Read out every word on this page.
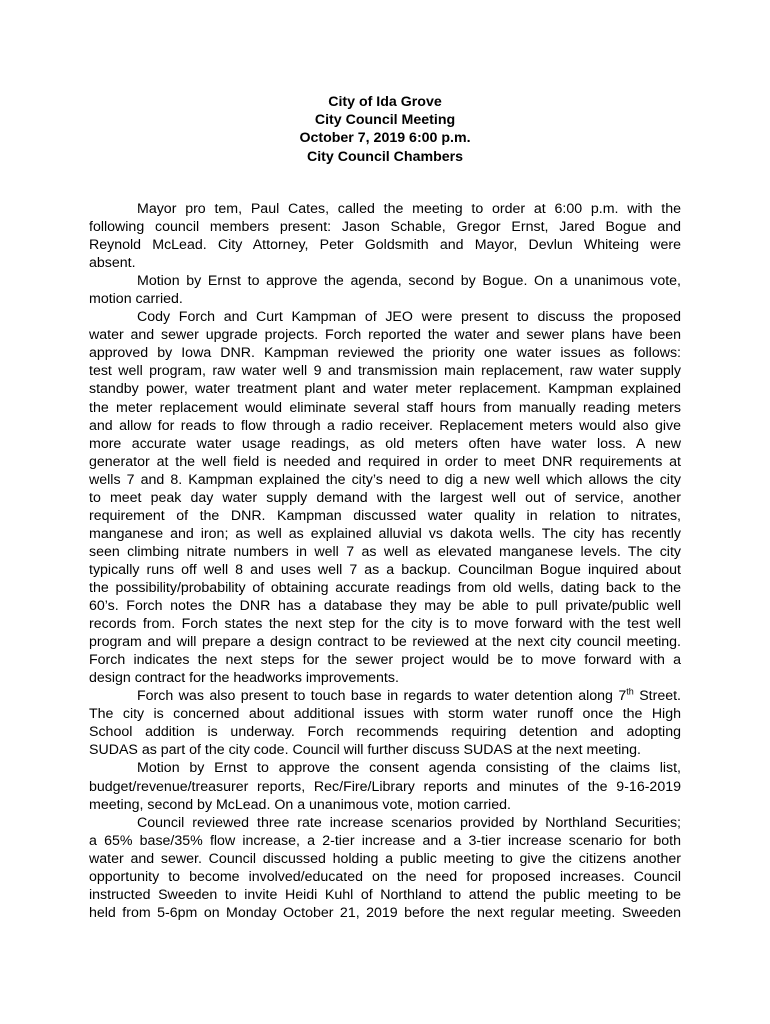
City of Ida Grove
City Council Meeting
October 7, 2019 6:00 p.m.
City Council Chambers

Mayor pro tem, Paul Cates, called the meeting to order at 6:00 p.m. with the
following council members present: Jason Schable, Gregor Ernst, Jared Bogue and
Reynold McLead. City Attorney, Peter Goldsmith and Mayor, Devlun Whiteing were
absent.

Motion by Ernst to approve the agenda, second by Bogue. On a unanimous vote,
motion carried.

Cody Forch and Curt Kampman of JEO were present to discuss the proposed
water and sewer upgrade projects. Forch reported the water and sewer plans have been
approved by Iowa DNR. Kampman reviewed the priority one water issues as follows:
test well program, raw water well 9 and transmission main replacement, raw water supply
standby power, water treatment plant and water meter replacement. Kampman explained
the meter replacement would eliminate several staff hours from manually reading meters
and allow for reads to flow through a radio receiver. Replacement meters would also give
more accurate water usage readings, as old meters often have water loss. A new
generator at the well field is needed and required in order to meet DNR requirements at
wells 7 and 8. Kampman explained the city’s need to dig a new well which allows the city
to meet peak day water supply demand with the largest well out of service, another
requirement of the DNR. Kampman discussed water quality in relation to nitrates,
manganese and iron; as well as explained alluvial vs dakota wells. The city has recently
seen climbing nitrate numbers in well 7 as well as elevated manganese levels. The city
typically runs off well 8 and uses well 7 as a backup. Councilman Bogue inquired about
the possibility/probability of obtaining accurate readings from old wells, dating back to the
60’s. Forch notes the DNR has a database they may be able to pull private/public well
records from. Forch states the next step for the city is to move forward with the test well
program and will prepare a design contract to be reviewed at the next city council meeting.
Forch indicates the next steps for the sewer project would be to move forward with a
design contract for the headworks improvements.

Forch was also present to touch base in regards to water detention along 7th Street.
The city is concerned about additional issues with storm water runoff once the High
School addition is underway. Forch recommends requiring detention and adopting
SUDAS as part of the city code. Council will further discuss SUDAS at the next meeting.

Motion by Ernst to approve the consent agenda consisting of the claims list,
budget/revenue/treasurer reports, Rec/Fire/Library reports and minutes of the 9-16-2019
meeting, second by McLead. On a unanimous vote, motion carried.

Council reviewed three rate increase scenarios provided by Northland Securities;
a 65% base/35% flow increase, a 2-tier increase and a 3-tier increase scenario for both
water and sewer. Council discussed holding a public meeting to give the citizens another
opportunity to become involved/educated on the need for proposed increases. Council
instructed Sweeden to invite Heidi Kuhl of Northland to attend the public meeting to be
held from 5-6pm on Monday October 21, 2019 before the next regular meeting. Sweeden
